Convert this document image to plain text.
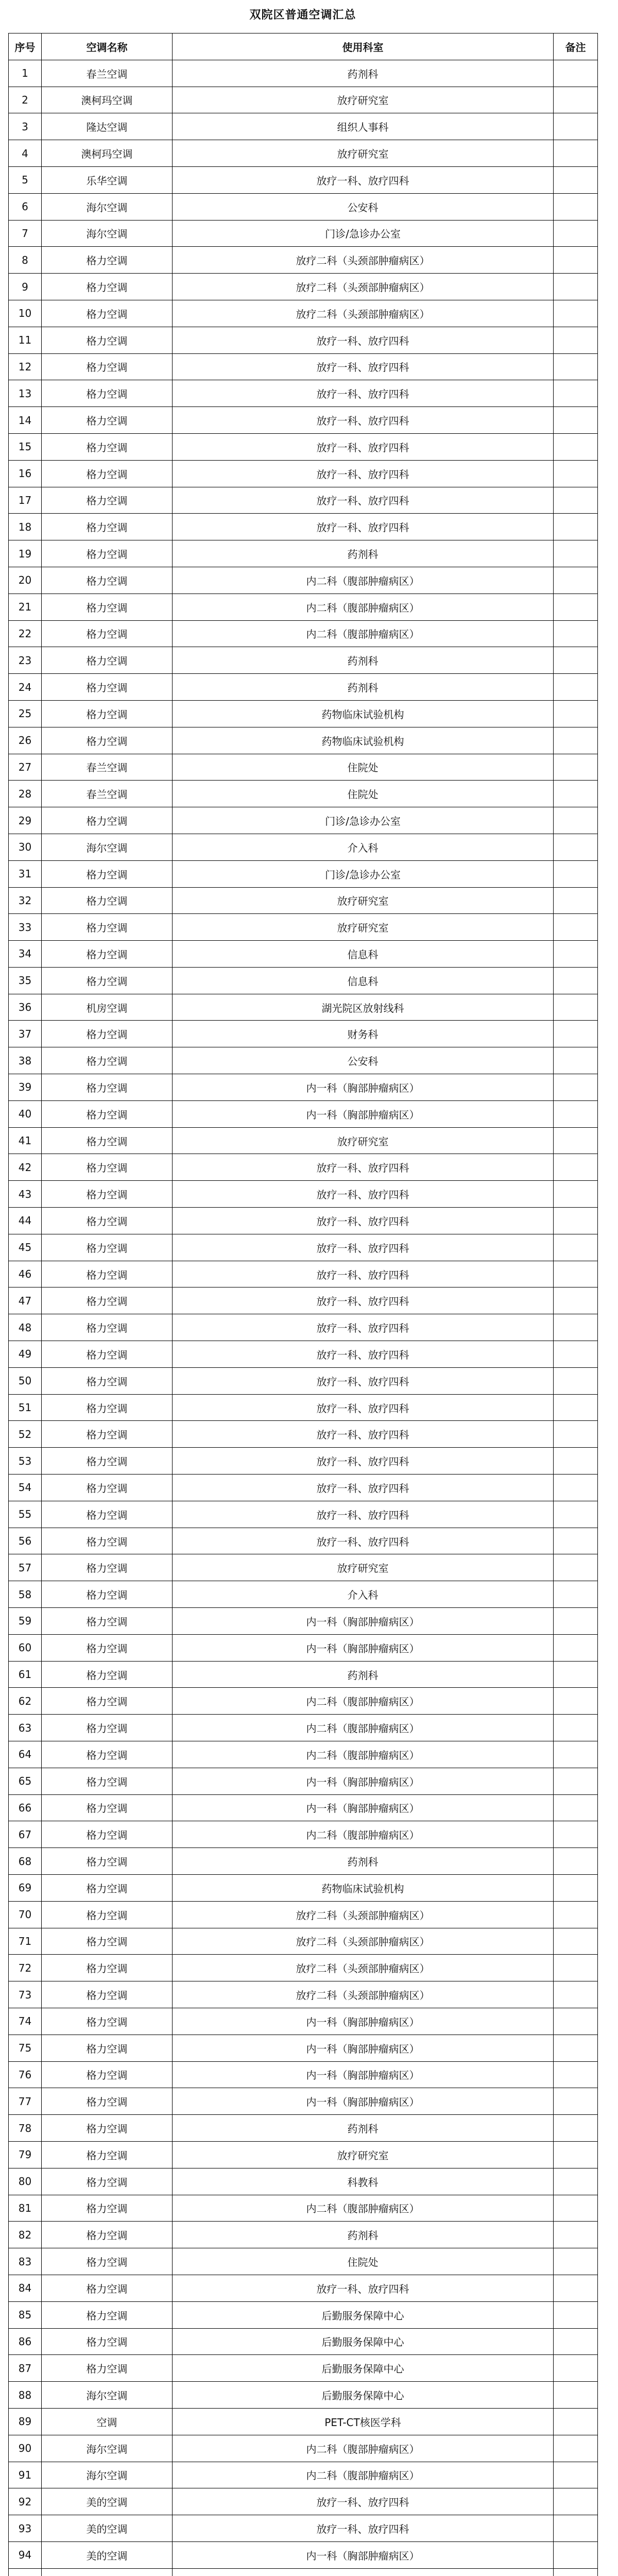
双院区普通空调汇总
序号	空调名称	使用科室	备注
1	春兰空调	药剂科	
2	澳柯玛空调	放疗研究室	
3	隆达空调	组织人事科	
4	澳柯玛空调	放疗研究室	
5	乐华空调	放疗一科、放疗四科	
6	海尔空调	公安科	
7	海尔空调	门诊/急诊办公室	
8	格力空调	放疗二科（头颈部肿瘤病区）	
9	格力空调	放疗二科（头颈部肿瘤病区）	
10	格力空调	放疗二科（头颈部肿瘤病区）	
11	格力空调	放疗一科、放疗四科	
12	格力空调	放疗一科、放疗四科	
13	格力空调	放疗一科、放疗四科	
14	格力空调	放疗一科、放疗四科	
15	格力空调	放疗一科、放疗四科	
16	格力空调	放疗一科、放疗四科	
17	格力空调	放疗一科、放疗四科	
18	格力空调	放疗一科、放疗四科	
19	格力空调	药剂科	
20	格力空调	内二科（腹部肿瘤病区）	
21	格力空调	内二科（腹部肿瘤病区）	
22	格力空调	内二科（腹部肿瘤病区）	
23	格力空调	药剂科	
24	格力空调	药剂科	
25	格力空调	药物临床试验机构	
26	格力空调	药物临床试验机构	
27	春兰空调	住院处	
28	春兰空调	住院处	
29	格力空调	门诊/急诊办公室	
30	海尔空调	介入科	
31	格力空调	门诊/急诊办公室	
32	格力空调	放疗研究室	
33	格力空调	放疗研究室	
34	格力空调	信息科	
35	格力空调	信息科	
36	机房空调	湖光院区放射线科	
37	格力空调	财务科	
38	格力空调	公安科	
39	格力空调	内一科（胸部肿瘤病区）	
40	格力空调	内一科（胸部肿瘤病区）	
41	格力空调	放疗研究室	
42	格力空调	放疗一科、放疗四科	
43	格力空调	放疗一科、放疗四科	
44	格力空调	放疗一科、放疗四科	
45	格力空调	放疗一科、放疗四科	
46	格力空调	放疗一科、放疗四科	
47	格力空调	放疗一科、放疗四科	
48	格力空调	放疗一科、放疗四科	
49	格力空调	放疗一科、放疗四科	
50	格力空调	放疗一科、放疗四科	
51	格力空调	放疗一科、放疗四科	
52	格力空调	放疗一科、放疗四科	
53	格力空调	放疗一科、放疗四科	
54	格力空调	放疗一科、放疗四科	
55	格力空调	放疗一科、放疗四科	
56	格力空调	放疗一科、放疗四科	
57	格力空调	放疗研究室	
58	格力空调	介入科	
59	格力空调	内一科（胸部肿瘤病区）	
60	格力空调	内一科（胸部肿瘤病区）	
61	格力空调	药剂科	
62	格力空调	内二科（腹部肿瘤病区）	
63	格力空调	内二科（腹部肿瘤病区）	
64	格力空调	内二科（腹部肿瘤病区）	
65	格力空调	内一科（胸部肿瘤病区）	
66	格力空调	内一科（胸部肿瘤病区）	
67	格力空调	内二科（腹部肿瘤病区）	
68	格力空调	药剂科	
69	格力空调	药物临床试验机构	
70	格力空调	放疗二科（头颈部肿瘤病区）	
71	格力空调	放疗二科（头颈部肿瘤病区）	
72	格力空调	放疗二科（头颈部肿瘤病区）	
73	格力空调	放疗二科（头颈部肿瘤病区）	
74	格力空调	内一科（胸部肿瘤病区）	
75	格力空调	内一科（胸部肿瘤病区）	
76	格力空调	内一科（胸部肿瘤病区）	
77	格力空调	内一科（胸部肿瘤病区）	
78	格力空调	药剂科	
79	格力空调	放疗研究室	
80	格力空调	科教科	
81	格力空调	内二科（腹部肿瘤病区）	
82	格力空调	药剂科	
83	格力空调	住院处	
84	格力空调	放疗一科、放疗四科	
85	格力空调	后勤服务保障中心	
86	格力空调	后勤服务保障中心	
87	格力空调	后勤服务保障中心	
88	海尔空调	后勤服务保障中心	
89	空调	PET-CT核医学科	
90	海尔空调	内二科（腹部肿瘤病区）	
91	海尔空调	内二科（腹部肿瘤病区）	
92	美的空调	放疗一科、放疗四科	
93	美的空调	放疗一科、放疗四科	
94	美的空调	内一科（胸部肿瘤病区）	
